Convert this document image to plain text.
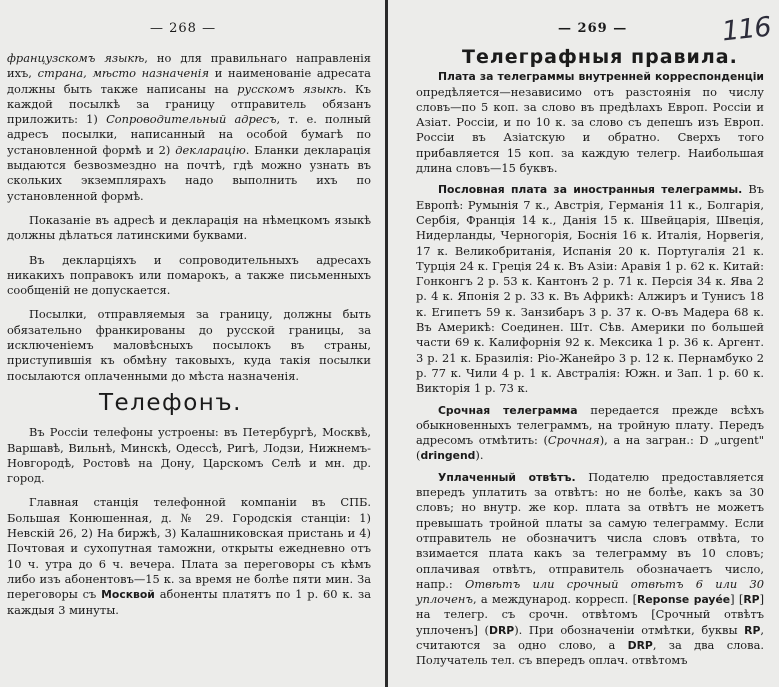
— 268 —

французскомъ языкѣ, но для правильнаго направленія ихъ, страна, мѣсто назначенія и наименованіе адресата должны быть также написаны на русскомъ языкѣ. Къ каждой посылкѣ за границу отправитель обязанъ приложить: 1) Сопроводительный адресъ, т. е. полный адресъ посылки, написанный на особой бумагѣ по установленной формѣ и 2) декларацію. Бланки декларація выдаются безвозмездно на почтѣ, гдѣ можно узнать въ скольких экземплярахъ надо выполнить ихъ по установленной формѣ.

Показаніе въ адресѣ и декларація на нѣмецкомъ языкѣ должны дѣлаться латинскими буквами.

Въ декларціяхъ и сопроводительныхъ адресахъ никакихъ поправокъ или помарокъ, а также письменныхъ сообщеній не допускается.

Посылки, отправляемыя за границу, должны быть обязательно франкированы до русской границы, за исключеніемъ маловѣсныхъ посылокъ въ страны, приступившія къ обмѣну таковыхъ, куда такія посылки посылаются оплаченными до мѣста назначенія.

Телефонъ.

Въ Россіи телефоны устроены: въ Петербургѣ, Москвѣ, Варшавѣ, Вильнѣ, Минскѣ, Одессѣ, Ригѣ, Лодзи, Нижнемъ-Новгородѣ, Ростовѣ на Дону, Царскомъ Селѣ и мн. др. город.

Главная станція телефонной компаніи въ СПБ. Большая Конюшенная, д. № 29. Городскія станціи: 1) Невскій 26, 2) На биржѣ, 3) Калашниковская пристань и 4) Почтовая и сухопутная таможни, открыты ежедневно отъ 10 ч. утра до 6 ч. вечера. Плата за переговоры съ кѣмъ либо изъ абонентовъ—15 к. за время не болѣе пяти мин. За переговоры съ Москвой абоненты платятъ по 1 р. 60 к. за каждыя 3 минуты.

— 269 —	116
Телеграфныя правила.

Плата за телеграммы внутренней корреспонденціи опредѣляется—независимо отъ разстоянія по числу словъ—по 5 коп. за слово въ предѣлахъ Европ. Россіи и Азіат. Россіи, и по 10 к. за слово съ депешъ изъ Европ. Россіи въ Азіатскую и обратно. Сверхъ того прибавляется 15 коп. за каждую телегр. Наибольшая длина словъ—15 буквъ.

Пословная плата за иностранныя телеграммы. Въ Европѣ: Румынія 7 к., Австрія, Германія 11 к., Болгарія, Сербія, Франція 14 к., Данія 15 к. Швейцарія, Швеція, Нидерланды, Черногорія, Боснія 16 к. Италія, Норвегія, 17 к. Великобританія, Испанія 20 к. Португалія 21 к. Турція 24 к. Греція 24 к. Въ Азіи: Аравія 1 р. 62 к. Китай: Гонконгъ 2 р. 53 к. Кантонъ 2 р. 71 к. Персія 34 к. Ява 2 р. 4 к. Японія 2 р. 33 к. Въ Африкѣ: Алжиръ и Тунисъ 18 к. Египетъ 59 к. Занзибаръ 3 р. 37 к. О-въ Мадера 68 к. Въ Америкѣ: Соединен. Шт. Сѣв. Америки по большей части 69 к. Калифорнія 92 к. Мексика 1 р. 36 к. Аргент. 3 р. 21 к. Бразилія: Ріо-Жанейро 3 р. 12 к. Пернамбуко 2 р. 77 к. Чили 4 р. 1 к. Австралія: Южн. и Зап. 1 р. 60 к. Викторія 1 р. 73 к.

Срочная телеграмма передается прежде всѣхъ обыкновенныхъ телеграммъ, на тройную плату. Передъ адресомъ отмѣтить: (Срочная), а на загран.: D „urgent" (dringend).

Уплаченный отвѣтъ. Подателю предоставляется впередъ уплатить за отвѣтъ: но не болѣе, какъ за 30 словъ; но внутр. же кор. плата за отвѣтъ не можетъ превышать тройной платы за самую телеграмму. Если отправитель не обозначитъ числа словъ отвѣта, то взимается плата какъ за телеграмму въ 10 словъ; оплачивая отвѣтъ, отправитель обозначаетъ число, напр.: Отвѣтъ или срочный отвѣтъ 6 или 30 уплоченъ, а международ. корресп. [Reponse payée] [RP] на телегр. съ срочн. отвѣтомъ [Срочный отвѣтъ уплоченъ] (DRP). При обозначеніи отмѣтки, буквы RP, считаются за одно слово, а DRP, за два слова. Получатель тел. съ впередъ оплач. отвѣтомъ
